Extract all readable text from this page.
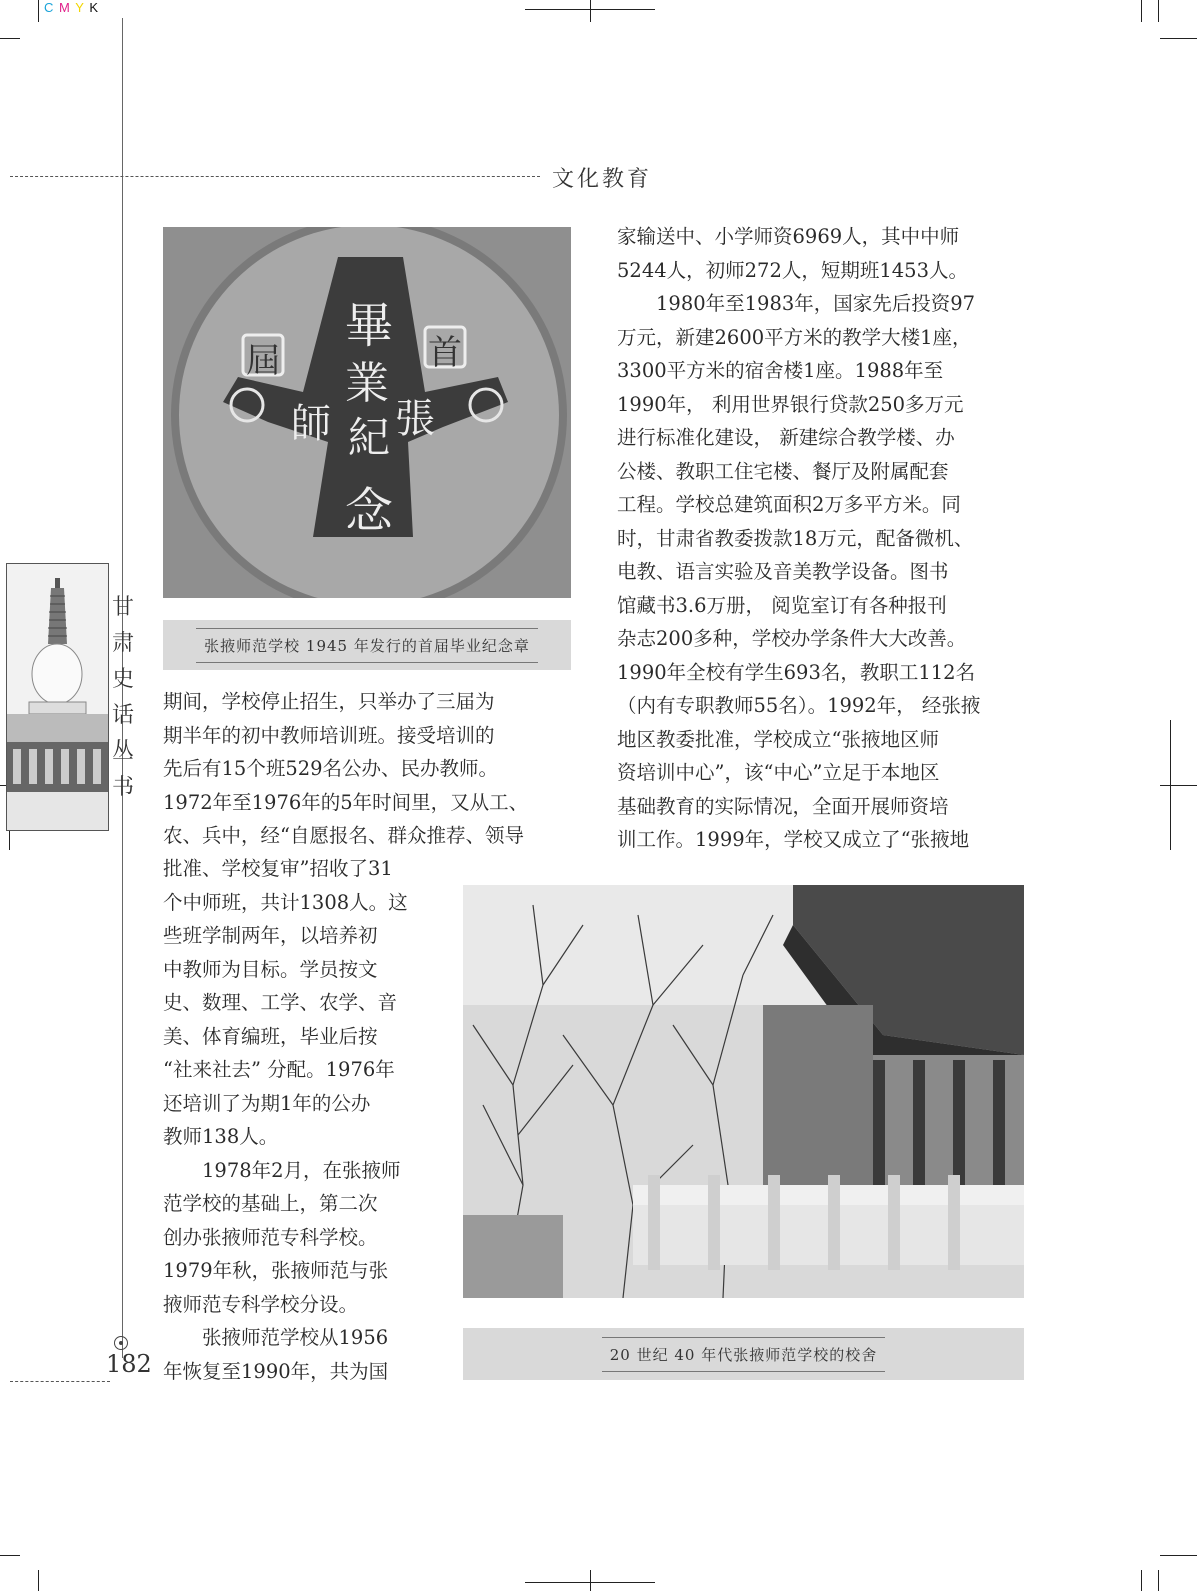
C M Y K
文化教育
甘
肃
史
话
丛
书
畢
業
紀
念
張
師
首
屆
张掖师范学校 1945 年发行的首届毕业纪念章

期间，学校停止招生，只举办了三届为

期半年的初中教师培训班。接受培训的

先后有15个班529名公办、民办教师。

1972年至1976年的5年时间里，又从工、

农、兵中，经“自愿报名、群众推荐、领导

批准、学校复审”招收了31

个中师班，共计1308人。这

些班学制两年，以培养初

中教师为目标。学员按文

史、数理、工学、农学、音

美、体育编班，毕业后按

“社来社去” 分配。1976年

还培训了为期1年的公办

教师138人。

1978年2月，在张掖师

范学校的基础上，第二次

创办张掖师范专科学校。

1979年秋，张掖师范与张

掖师范专科学校分设。

张掖师范学校从1956

年恢复至1990年，共为国

家输送中、小学师资6969人，其中中师

5244人，初师272人，短期班1453人。

1980年至1983年，国家先后投资97

万元，新建2600平方米的教学大楼1座，

3300平方米的宿舍楼1座。1988年至

1990年， 利用世界银行贷款250多万元

进行标准化建设， 新建综合教学楼、办

公楼、教职工住宅楼、餐厅及附属配套

工程。学校总建筑面积2万多平方米。同

时，甘肃省教委拨款18万元，配备微机、

电教、语言实验及音美教学设备。图书

馆藏书3.6万册， 阅览室订有各种报刊

杂志200多种，学校办学条件大大改善。

1990年全校有学生693名，教职工112名

（内有专职教师55名）。1992年， 经张掖

地区教委批准，学校成立“张掖地区师

资培训中心”，该“中心”立足于本地区

基础教育的实际情况，全面开展师资培

训工作。1999年，学校又成立了“张掖地

20 世纪 40 年代张掖师范学校的校舍
182
